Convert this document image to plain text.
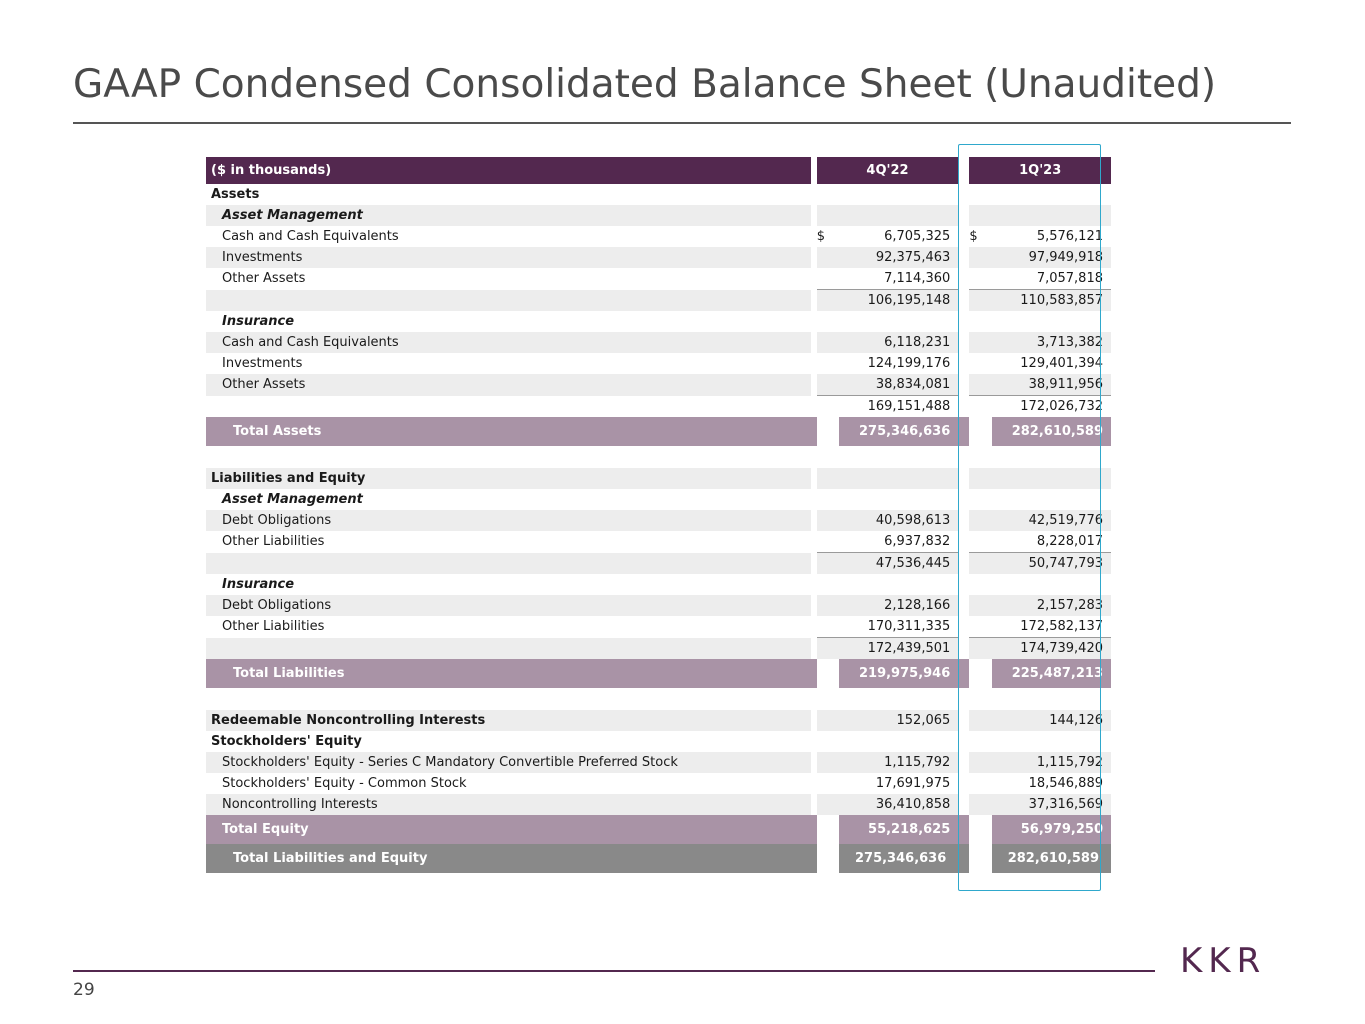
GAAP Condensed Consolidated Balance Sheet (Unaudited)
($ in thousands)		4Q'22			1Q'23	
Assets						
Asset Management						
Cash and Cash Equivalents		$	6,705,325		$	5,576,121
Investments			92,375,463			97,949,918
Other Assets			7,114,360			7,057,818
			106,195,148			110,583,857
Insurance						
Cash and Cash Equivalents			6,118,231			3,713,382
Investments			124,199,176			129,401,394
Other Assets			38,834,081			38,911,956
			169,151,488			172,026,732
Total Assets		$	275,346,636		$	282,610,589

Liabilities and Equity						
Asset Management						
Debt Obligations			40,598,613			42,519,776
Other Liabilities			6,937,832			8,228,017
			47,536,445			50,747,793
Insurance						
Debt Obligations			2,128,166			2,157,283
Other Liabilities			170,311,335			172,582,137
			172,439,501			174,739,420
Total Liabilities		$	219,975,946		$	225,487,213

Redeemable Noncontrolling Interests			152,065			144,126
Stockholders' Equity						
Stockholders' Equity - Series C Mandatory Convertible Preferred Stock			1,115,792			1,115,792
Stockholders' Equity - Common Stock			17,691,975			18,546,889
Noncontrolling Interests			36,410,858			37,316,569
Total Equity		$	55,218,625		$	56,979,250
Total Liabilities and Equity		$	275,346,636		$	282,610,589
29
KKR
